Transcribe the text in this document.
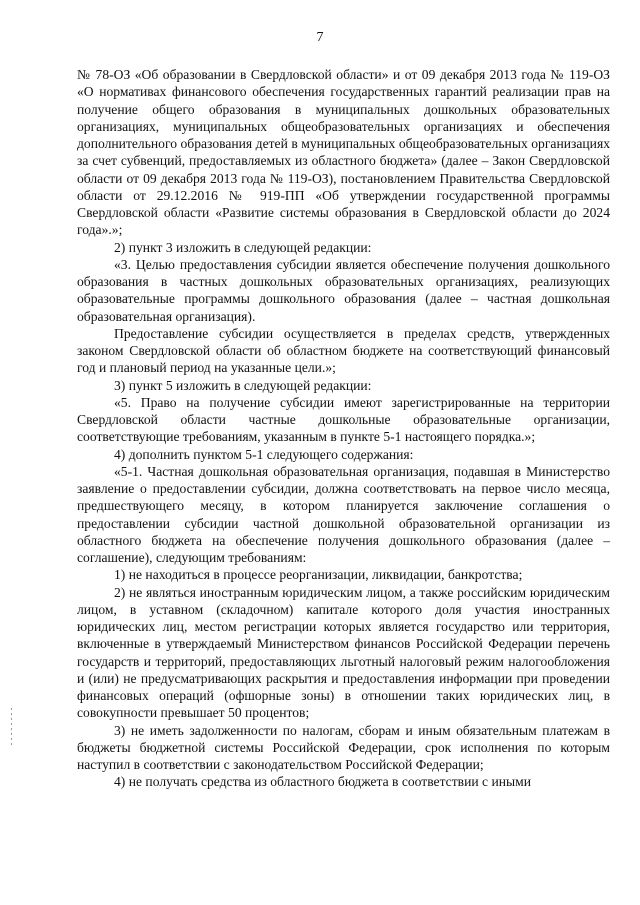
7

№ 78-ОЗ «Об образовании в Свердловской области» и от 09 декабря 2013 года № 119-ОЗ «О нормативах финансового обеспечения государственных гарантий реализации прав на получение общего образования в муниципальных дошкольных образовательных организациях, муниципальных общеобразовательных организациях и обеспечения дополнительного образования детей в муниципальных общеобразовательных организациях за счет субвенций, предоставляемых из областного бюджета» (далее – Закон Свердловской области от 09 декабря 2013 года № 119-ОЗ), постановлением Правительства Свердловской области от 29.12.2016 № 919-ПП «Об утверждении государственной программы Свердловской области «Развитие системы образования в Свердловской области до 2024 года».»;

2) пункт 3 изложить в следующей редакции:

«3. Целью предоставления субсидии является обеспечение получения дошкольного образования в частных дошкольных образовательных организациях, реализующих образовательные программы дошкольного образования (далее – частная дошкольная образовательная организация).

Предоставление субсидии осуществляется в пределах средств, утвержденных законом Свердловской области об областном бюджете на соответствующий финансовый год и плановый период на указанные цели.»;

3) пункт 5 изложить в следующей редакции:

«5. Право на получение субсидии имеют зарегистрированные на территории Свердловской области частные дошкольные образовательные организации, соответствующие требованиям, указанным в пункте 5-1 настоящего порядка.»;

4) дополнить пунктом 5-1 следующего содержания:

«5-1. Частная дошкольная образовательная организация, подавшая в Министерство заявление о предоставлении субсидии, должна соответствовать на первое число месяца, предшествующего месяцу, в котором планируется заключение соглашения о предоставлении субсидии частной дошкольной образовательной организации из областного бюджета на обеспечение получения дошкольного образования (далее – соглашение), следующим требованиям:

1) не находиться в процессе реорганизации, ликвидации, банкротства;

2) не являться иностранным юридическим лицом, а также российским юридическим лицом, в уставном (складочном) капитале которого доля участия иностранных юридических лиц, местом регистрации которых является государство или территория, включенные в утверждаемый Министерством финансов Российской Федерации перечень государств и территорий, предоставляющих льготный налоговый режим налогообложения и (или) не предусматривающих раскрытия и предоставления информации при проведении финансовых операций (офшорные зоны) в отношении таких юридических лиц, в совокупности превышает 50 процентов;

3) не иметь задолженности по налогам, сборам и иным обязательным платежам в бюджеты бюджетной системы Российской Федерации, срок исполнения по которым наступил в соответствии с законодательством Российской Федерации;

4) не получать средства из областного бюджета в соответствии с иными
